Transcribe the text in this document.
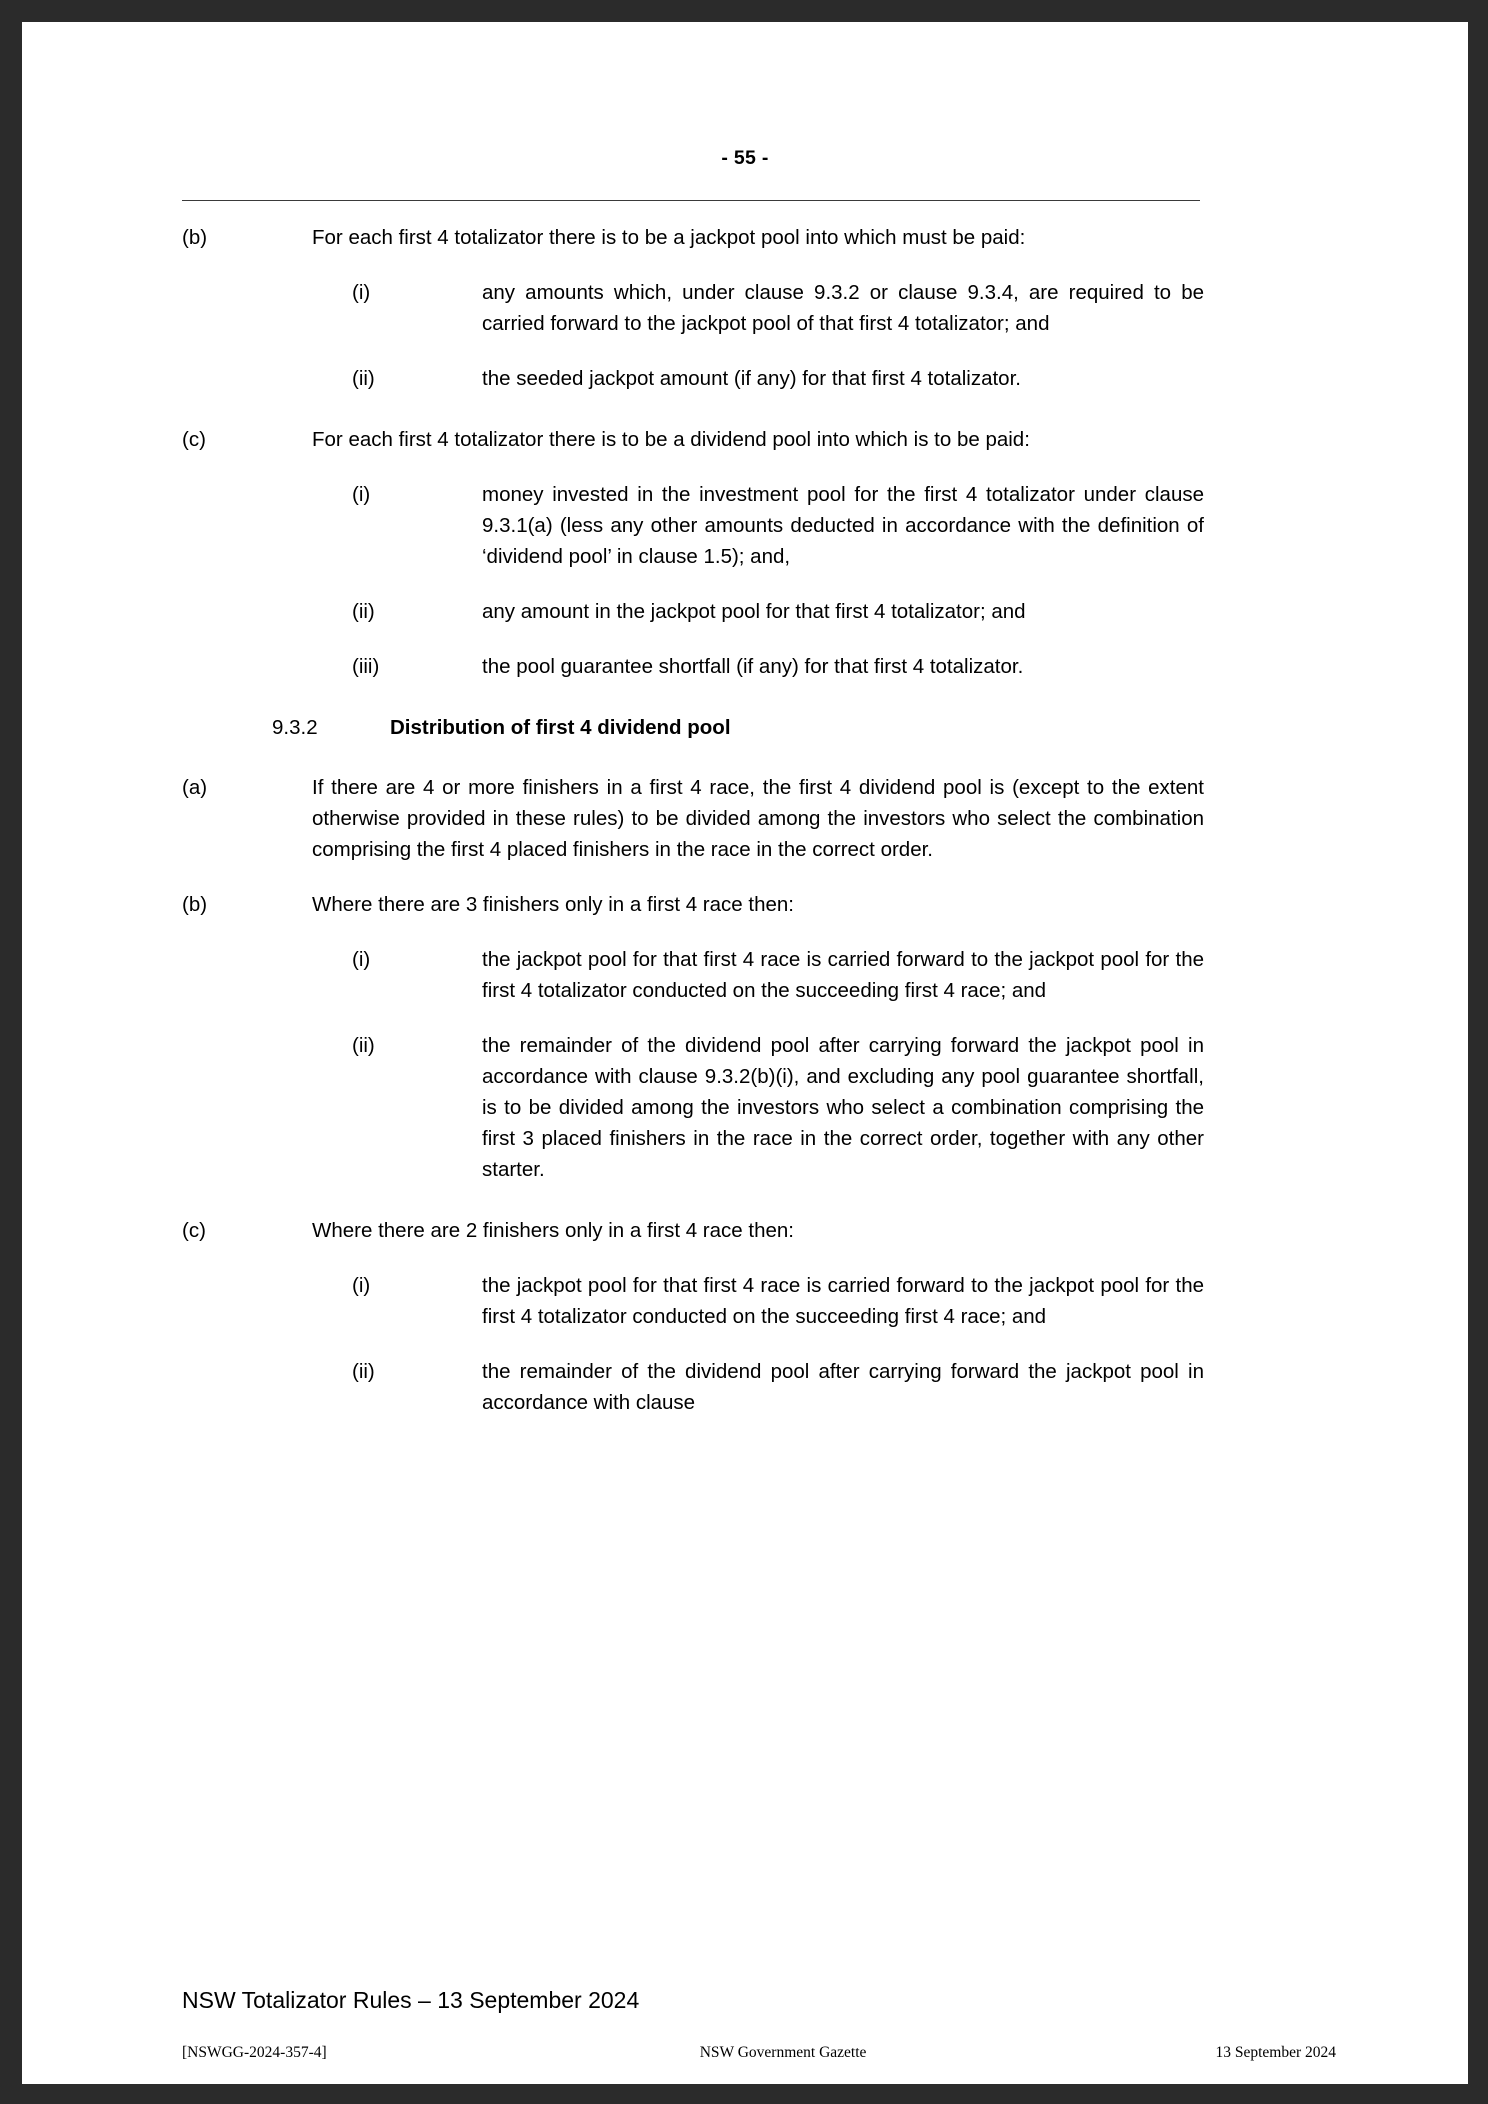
- 55 -
(b)	For each first 4 totalizator there is to be a jackpot pool into which must be paid:
(i)	any amounts which, under clause 9.3.2 or clause 9.3.4, are required to be carried forward to the jackpot pool of that first 4 totalizator; and
(ii)	the seeded jackpot amount (if any) for that first 4 totalizator.
(c)	For each first 4 totalizator there is to be a dividend pool into which is to be paid:
(i)	money invested in the investment pool for the first 4 totalizator under clause 9.3.1(a) (less any other amounts deducted in accordance with the definition of ‘dividend pool’ in clause 1.5); and,
(ii)	any amount in the jackpot pool for that first 4 totalizator; and
(iii)	the pool guarantee shortfall (if any) for that first 4 totalizator.
9.3.2	Distribution of first 4 dividend pool
(a)	If there are 4 or more finishers in a first 4 race, the first 4 dividend pool is (except to the extent otherwise provided in these rules) to be divided among the investors who select the combination comprising the first 4 placed finishers in the race in the correct order.
(b)	Where there are 3 finishers only in a first 4 race then:
(i)	the jackpot pool for that first 4 race is carried forward to the jackpot pool for the first 4 totalizator conducted on the succeeding first 4 race; and
(ii)	the remainder of the dividend pool after carrying forward the jackpot pool in accordance with clause 9.3.2(b)(i), and excluding any pool guarantee shortfall, is to be divided among the investors who select a combination comprising the first 3 placed finishers in the race in the correct order, together with any other starter.
(c)	Where there are 2 finishers only in a first 4 race then:
(i)	the jackpot pool for that first 4 race is carried forward to the jackpot pool for the first 4 totalizator conducted on the succeeding first 4 race; and
(ii)	the remainder of the dividend pool after carrying forward the jackpot pool in accordance with clause
NSW Totalizator Rules – 13 September 2024
[NSWGG-2024-357-4]	NSW Government Gazette	13 September 2024
